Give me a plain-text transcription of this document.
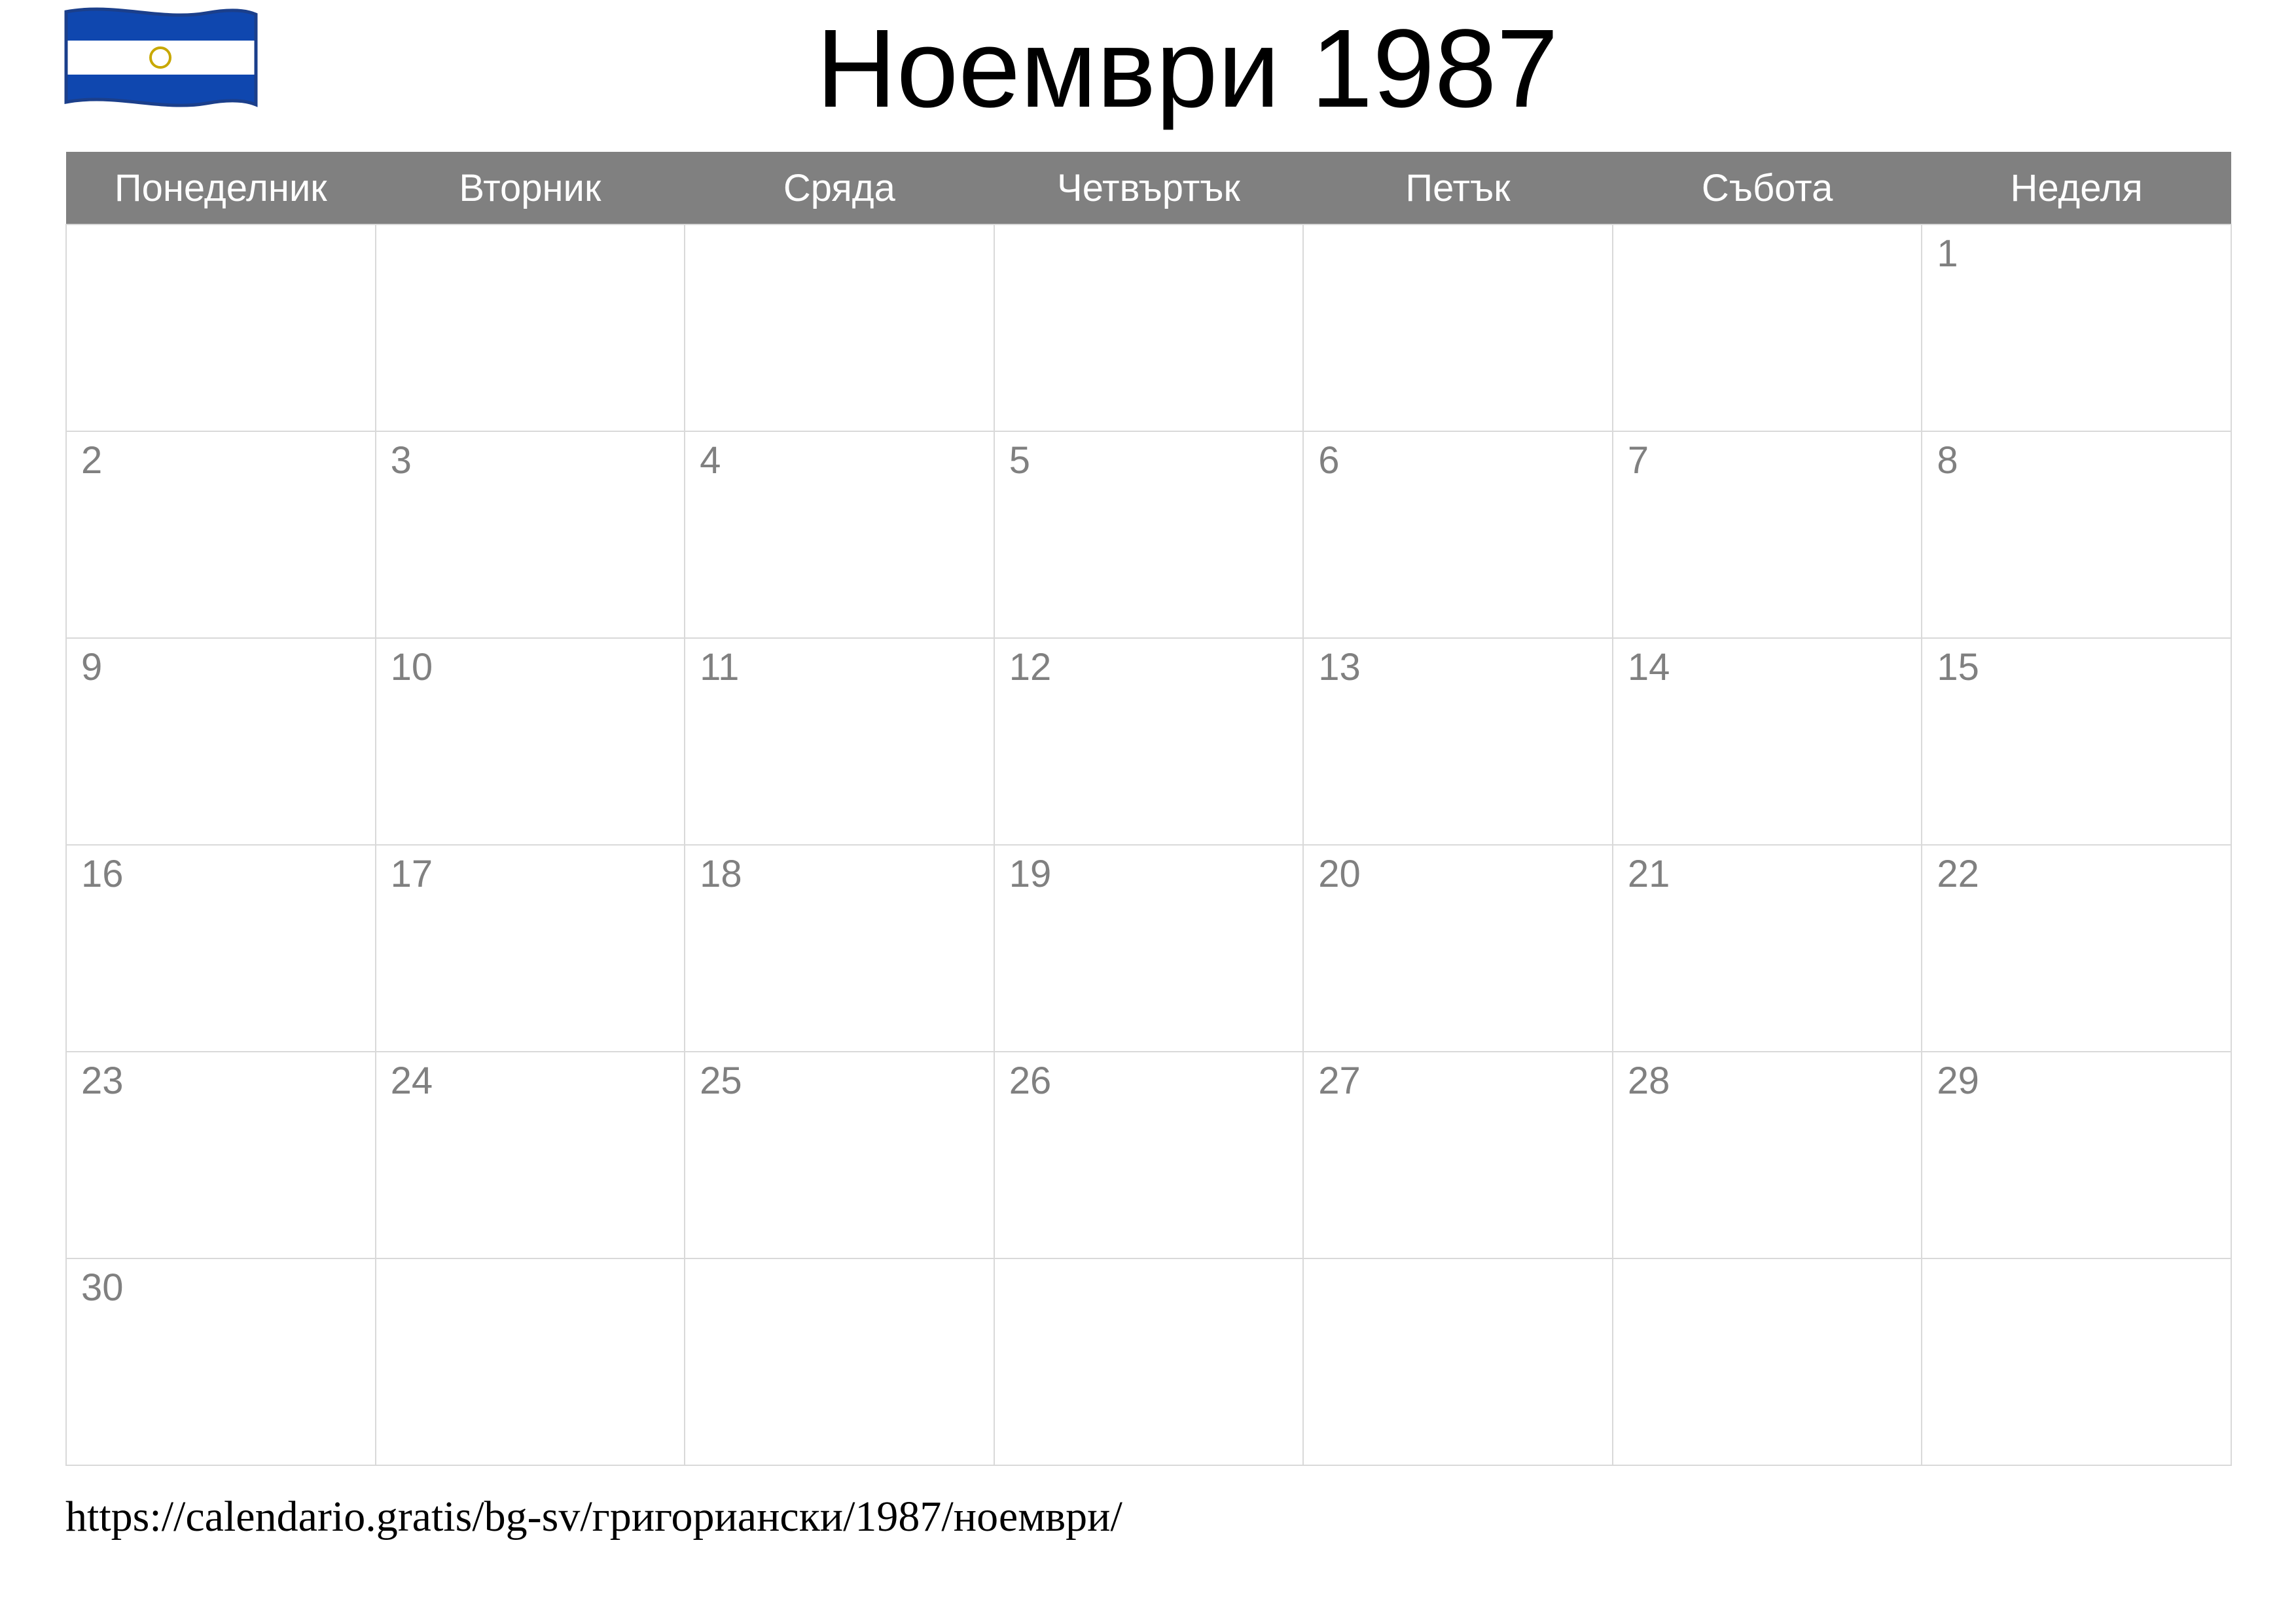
Ноември 1987
Понеделник	Вторник	Сряда	Четвъртък	Петък	Събота	Неделя

						1

2	3	4	5	6	7	8

9	10	11	12	13	14	15

16	17	18	19	20	21	22

23	24	25	26	27	28	29

30						

https://calendario.gratis/bg-sv/григориански/1987/ноември/
